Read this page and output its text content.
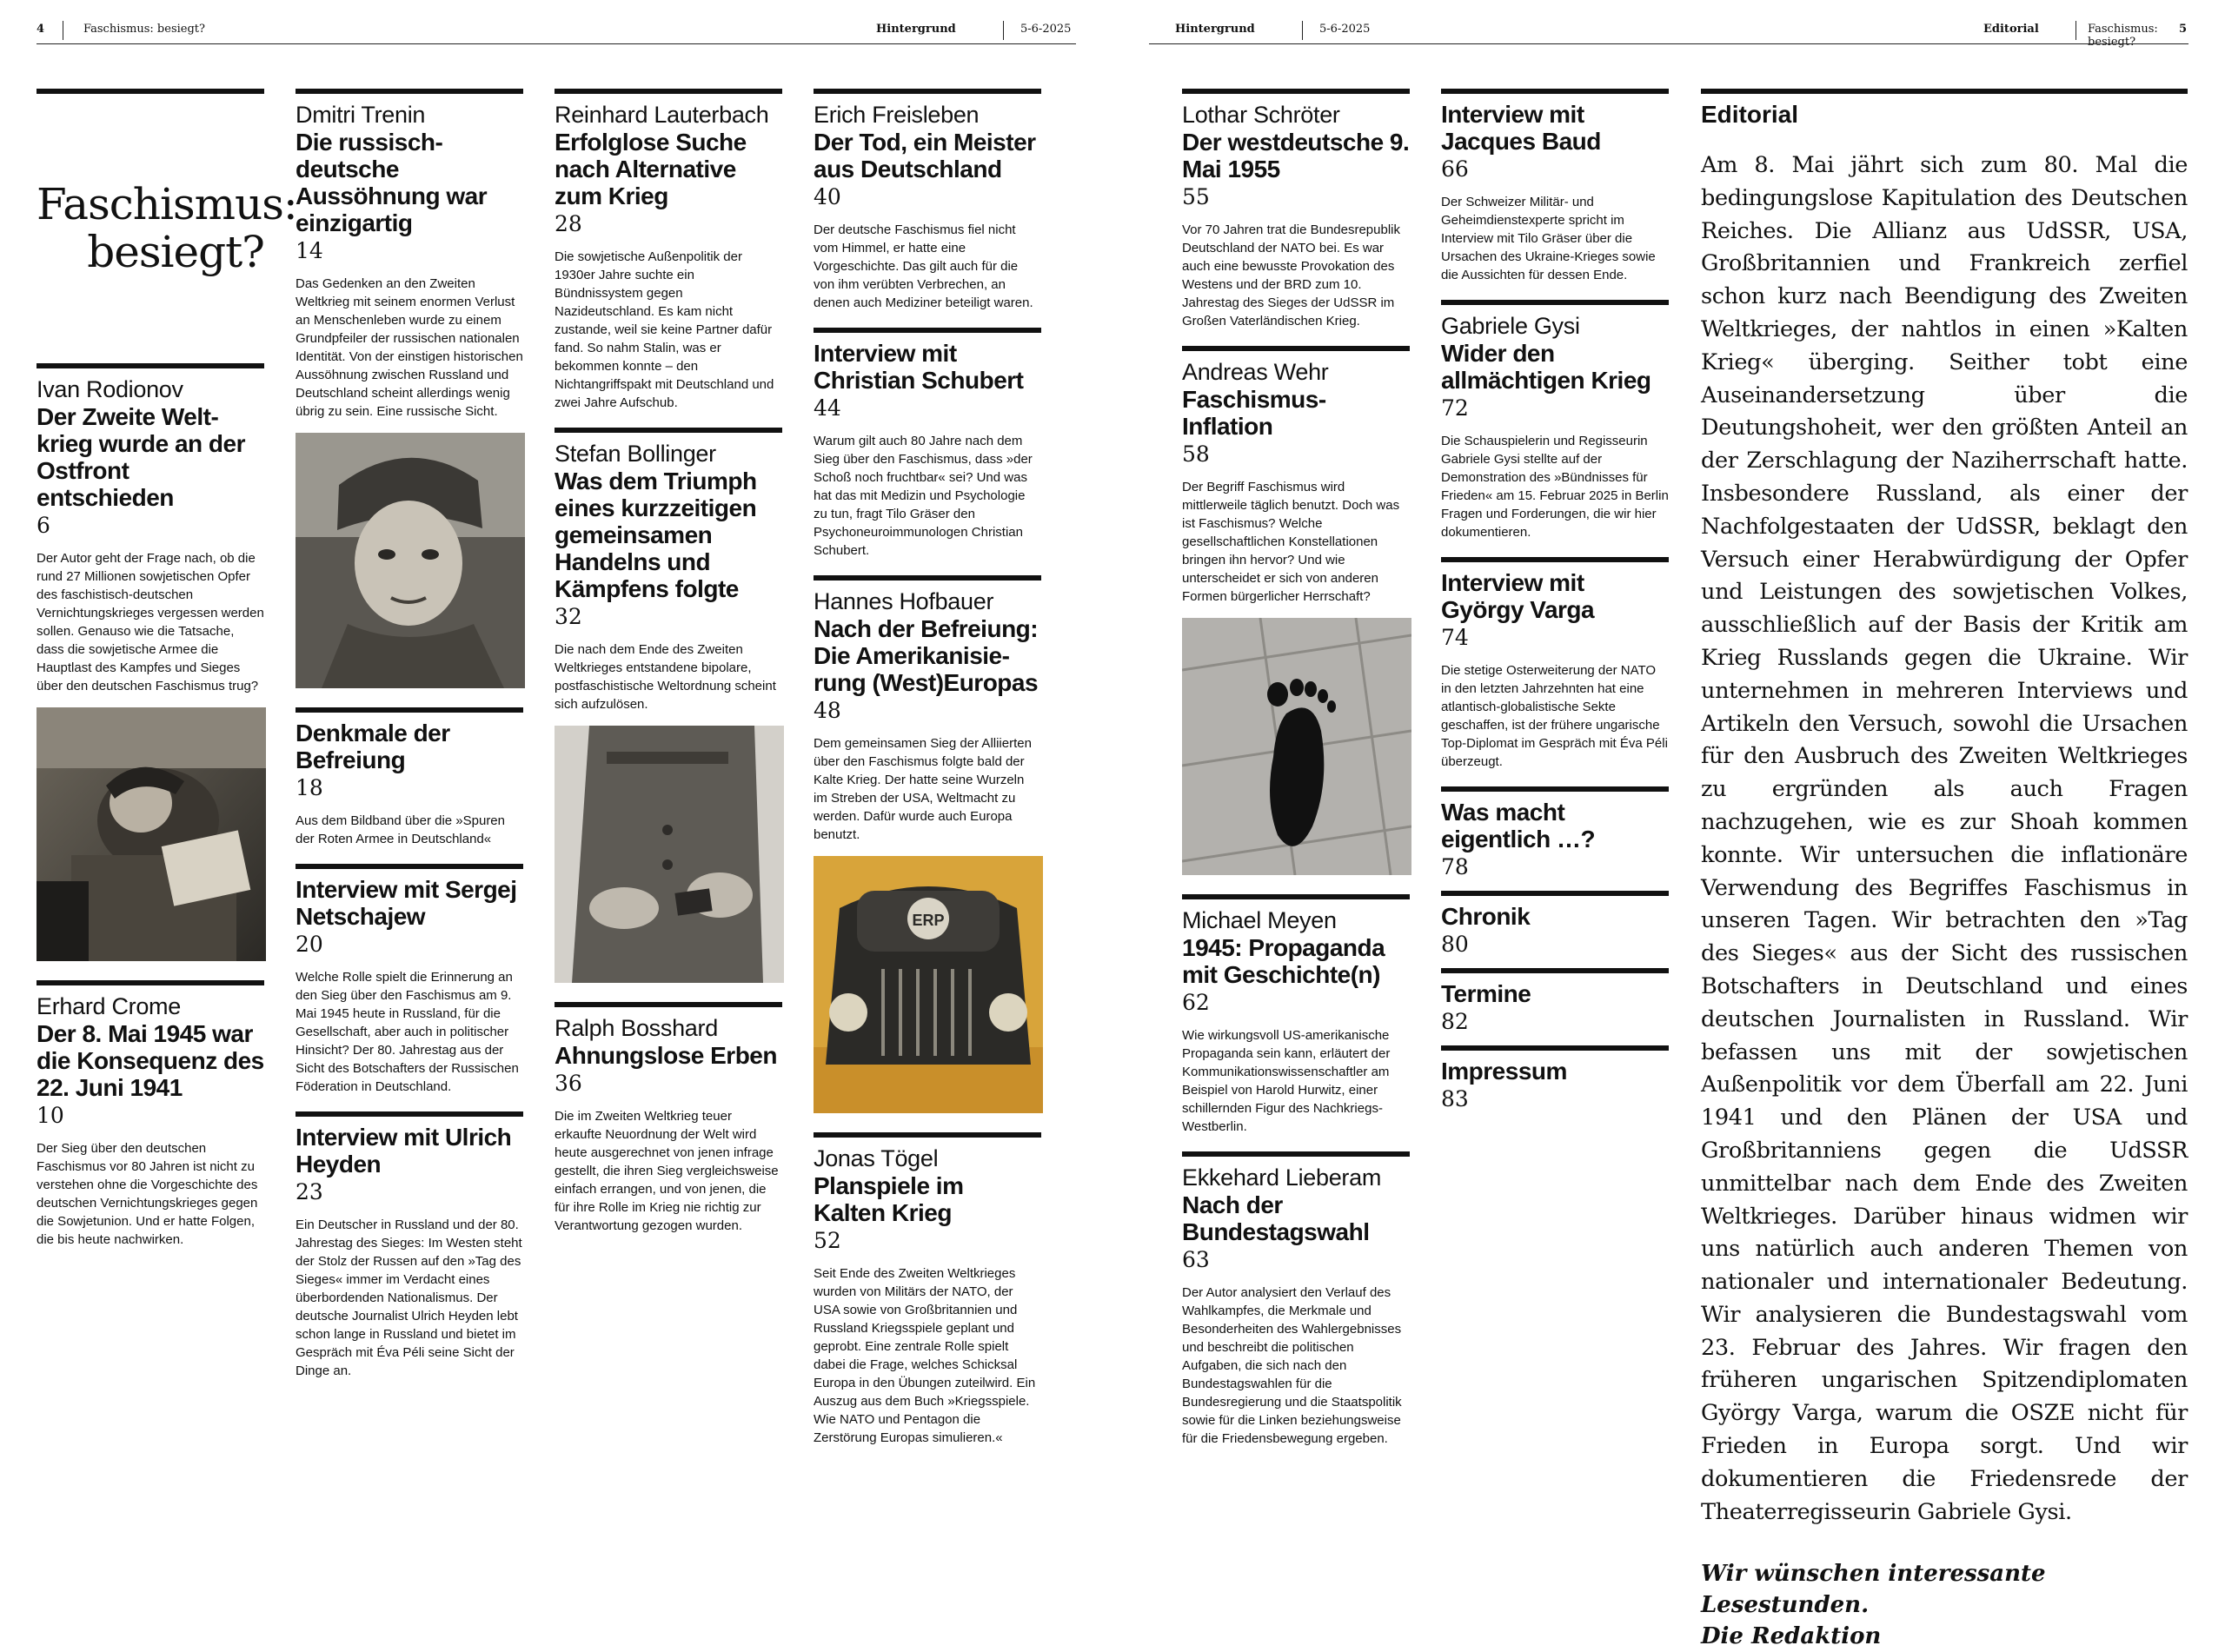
4	Faschismus: besiegt?	Hintergrund	5-6-2025
Faschismus:
besiegt?
Ivan Rodionov
Der Zweite Welt-krieg wurde an der Ostfront entschieden
6
Der Autor geht der Frage nach, ob die rund 27 Millionen sowjetischen Opfer des faschistisch-deutschen Vernichtungskrieges vergessen werden sollen. Genauso wie die Tatsache, dass die sowjetische Armee die Hauptlast des Kampfes und Sieges über den deutschen Faschismus trug?
Erhard Crome
Der 8. Mai 1945 war die Konsequenz des 22. Juni 1941
10
Der Sieg über den deutschen Faschismus vor 80 Jahren ist nicht zu verstehen ohne die Vorgeschichte des deutschen Vernichtungskrieges gegen die Sowjetunion. Und er hatte Folgen, die bis heute nachwirken.
Dmitri Trenin
Die russisch-deutsche Aussöhnung war einzigartig
14
Das Gedenken an den Zweiten Weltkrieg mit seinem enormen Verlust an Menschenleben wurde zu einem Grundpfeiler der russischen nationalen Identität. Von der einstigen historischen Aussöhnung zwischen Russland und Deutschland scheint allerdings wenig übrig zu sein. Eine russische Sicht.
Denkmale der Befreiung
18
Aus dem Bildband über die »Spuren der Roten Armee in Deutschland«
Interview mit Sergej Netschajew
20
Welche Rolle spielt die Erinnerung an den Sieg über den Faschismus am 9. Mai 1945 heute in Russland, für die Gesellschaft, aber auch in politischer Hinsicht? Der 80. Jahrestag aus der Sicht des Botschafters der Russischen Föderation in Deutschland.
Interview mit Ulrich Heyden
23
Ein Deutscher in Russland und der 80. Jahrestag des Sieges: Im Westen steht der Stolz der Russen auf den »Tag des Sieges« immer im Verdacht eines überbordenden Nationalismus. Der deutsche Journalist Ulrich Heyden lebt schon lange in Russland und bietet im Gespräch mit Éva Péli seine Sicht der Dinge an.
Reinhard Lauterbach
Erfolglose Suche nach Alternative zum Krieg
28
Die sowjetische Außenpolitik der 1930er Jahre suchte ein Bündnissystem gegen Nazideutschland. Es kam nicht zustande, weil sie keine Partner dafür fand. So nahm Stalin, was er bekommen konnte – den Nichtangriffspakt mit Deutschland und zwei Jahre Aufschub.
Stefan Bollinger
Was dem Triumph eines kurzzeitigen gemeinsamen Handelns und Kämpfens folgte
32
Die nach dem Ende des Zweiten Weltkrieges entstandene bipolare, postfaschistische Weltordnung scheint sich aufzulösen.
Ralph Bosshard
Ahnungslose Erben
36
Die im Zweiten Weltkrieg teuer erkaufte Neuordnung der Welt wird heute ausgerechnet von jenen infrage gestellt, die ihren Sieg vergleichsweise einfach errangen, und von jenen, die für ihre Rolle im Krieg nie richtig zur Verantwortung gezogen wurden.
Erich Freisleben
Der Tod, ein Meister aus Deutschland
40
Der deutsche Faschismus fiel nicht vom Himmel, er hatte eine Vorgeschichte. Das gilt auch für die von ihm verübten Verbrechen, an denen auch Mediziner beteiligt waren.
Interview mit Christian Schubert
44
Warum gilt auch 80 Jahre nach dem Sieg über den Faschismus, dass »der Schoß noch fruchtbar« sei? Und was hat das mit Medizin und Psychologie zu tun, fragt Tilo Gräser den Psychoneuroimmunologen Christian Schubert.
Hannes Hofbauer
Nach der Befreiung: Die Amerikanisie-rung (West)Europas
48
Dem gemeinsamen Sieg der Alliierten über den Faschismus folgte bald der Kalte Krieg. Der hatte seine Wurzeln im Streben der USA, Weltmacht zu werden. Dafür wurde auch Europa benutzt.
ERP
Jonas Tögel
Planspiele im Kalten Krieg
52
Seit Ende des Zweiten Weltkrieges wurden von Militärs der NATO, der USA sowie von Großbritannien und Russland Kriegsspiele geplant und geprobt. Eine zentrale Rolle spielt dabei die Frage, welches Schicksal Europa in den Übungen zuteilwird. Ein Auszug aus dem Buch »Kriegsspiele. Wie NATO und Pentagon die Zerstörung Europas simulieren.«
Hintergrund	5-6-2025	Editorial	Faschismus: besiegt?
5
Lothar Schröter
Der westdeutsche 9. Mai 1955
55
Vor 70 Jahren trat die Bundesrepublik Deutschland der NATO bei. Es war auch eine bewusste Provokation des Westens und der BRD zum 10. Jahrestag des Sieges der UdSSR im Großen Vaterländischen Krieg.
Andreas Wehr
Faschismus-Inflation
58
Der Begriff Faschismus wird mittlerweile täglich benutzt. Doch was ist Faschismus? Welche gesellschaftlichen Konstellationen bringen ihn hervor? Und wie unterscheidet er sich von anderen Formen bürgerlicher Herrschaft?
Michael Meyen
1945: Propaganda mit Geschichte(n)
62
Wie wirkungsvoll US-amerikanische Propaganda sein kann, erläutert der Kommunikationswissenschaftler am Beispiel von Harold Hurwitz, einer schillernden Figur des Nachkriegs-Westberlin.
Ekkehard Lieberam
Nach der Bundestagswahl
63
Der Autor analysiert den Verlauf des Wahlkampfes, die Merkmale und Besonderheiten des Wahlergebnisses und beschreibt die politischen Aufgaben, die sich nach den Bundestagswahlen für die Bundesregierung und die Staatspolitik sowie für die Linken beziehungsweise für die Friedensbewegung ergeben.
Interview mit Jacques Baud
66
Der Schweizer Militär- und Geheimdienstexperte spricht im Interview mit Tilo Gräser über die Ursachen des Ukraine-Krieges sowie die Aussichten für dessen Ende.
Gabriele Gysi
Wider den allmächtigen Krieg
72
Die Schauspielerin und Regisseurin Gabriele Gysi stellte auf der Demonstration des »Bündnisses für Frieden« am 15. Februar 2025 in Berlin Fragen und Forderungen, die wir hier dokumentieren.
Interview mit György Varga
74
Die stetige Osterweiterung der NATO in den letzten Jahrzehnten hat eine atlantisch-globalistische Sekte geschaffen, ist der frühere ungarische Top-Diplomat im Gespräch mit Éva Péli überzeugt.
Was macht eigentlich …?
78
Chronik
80
Termine
82
Impressum
83
Editorial
Am 8. Mai jährt sich zum 80. Mal die bedingungslose Kapitulation des Deutschen Reiches. Die Allianz aus UdSSR, USA, Großbritannien und Frankreich zerfiel schon kurz nach Beendigung des Zweiten Weltkrieges, der nahtlos in einen »Kalten Krieg« überging. Seither tobt eine Auseinandersetzung über die Deutungshoheit, wer den größten Anteil an der Zerschlagung der Naziherrschaft hatte. Insbesondere Russland, als einer der Nachfolgestaaten der UdSSR, beklagt den Versuch einer Herabwürdigung der Opfer und Leistungen des sowjetischen Volkes, ausschließlich auf der Basis der Kritik am Krieg Russlands gegen die Ukraine. Wir unternehmen in mehreren Interviews und Artikeln den Versuch, sowohl die Ursachen für den Ausbruch des Zweiten Weltkrieges zu ergründen als auch Fragen nachzugehen, wie es zur Shoah kommen konnte. Wir untersuchen die inflationäre Verwendung des Begriffes Faschismus in unseren Tagen. Wir betrachten den »Tag des Sieges« aus der Sicht des russischen Botschafters in Deutschland und eines deutschen Journalisten in Russland. Wir befassen uns mit der sowjetischen Außenpolitik vor dem Überfall am 22. Juni 1941 und den Plänen der USA und Großbritanniens gegen die UdSSR unmittelbar nach dem Ende des Zweiten Weltkrieges. Darüber hinaus widmen wir uns natürlich auch anderen Themen von nationaler und internationaler Bedeutung. Wir analysieren die Bundestagswahl vom 23. Februar des Jahres. Wir fragen den früheren ungarischen Spitzendiplomaten György Varga, warum die OSZE nicht für Frieden in Europa sorgt. Und wir dokumentieren die Friedensrede der Theaterregisseurin Gabriele Gysi.
Wir wünschen interessante Lesestunden.
Die Redaktion
